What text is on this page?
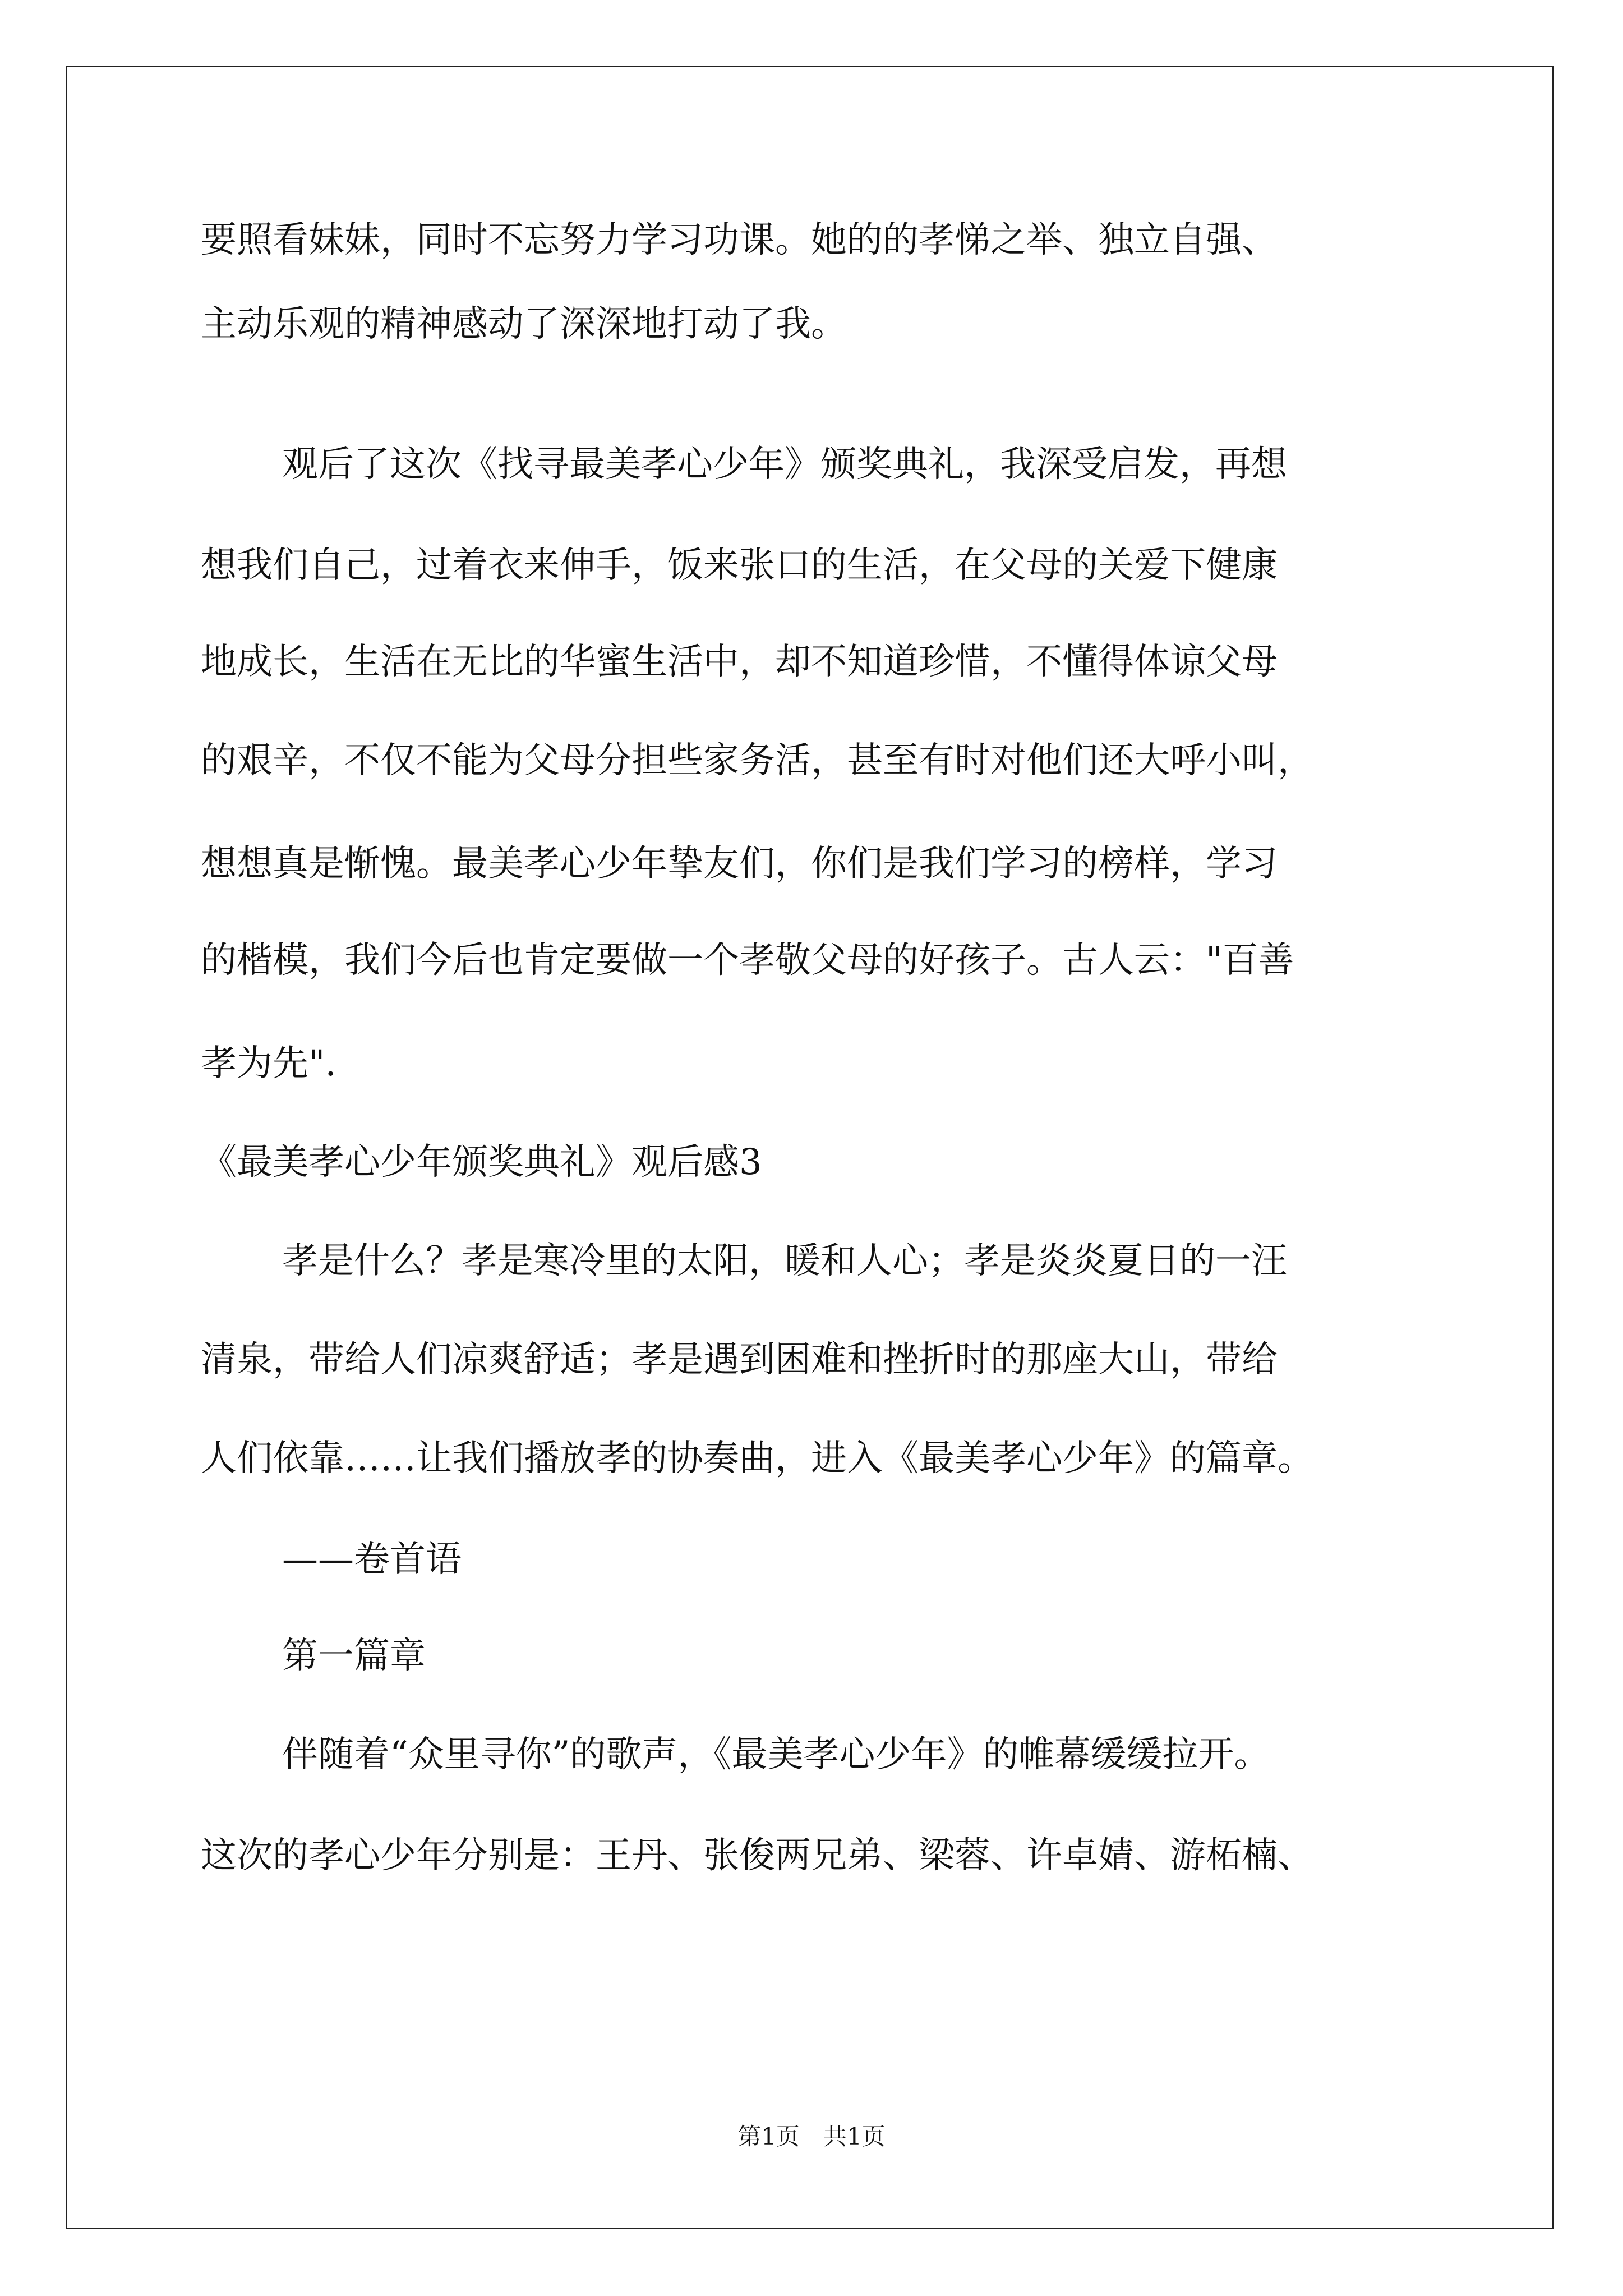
要照看妹妹，同时不忘努力学习功课。她的的孝悌之举、独立自强、
主动乐观的精神感动了深深地打动了我。
观后了这次《找寻最美孝心少年》颁奖典礼，我深受启发，再想
想我们自己，过着衣来伸手，饭来张口的生活，在父母的关爱下健康
地成长，生活在无比的华蜜生活中，却不知道珍惜，不懂得体谅父母
的艰辛，不仅不能为父母分担些家务活，甚至有时对他们还大呼小叫，
想想真是惭愧。最美孝心少年挚友们，你们是我们学习的榜样，学习
的楷模，我们今后也肯定要做一个孝敬父母的好孩子。古人云："百善
孝为先".
《最美孝心少年颁奖典礼》观后感3
孝是什么？孝是寒冷里的太阳，暖和人心；孝是炎炎夏日的一汪
清泉，带给人们凉爽舒适；孝是遇到困难和挫折时的那座大山，带给
人们依靠……让我们播放孝的协奏曲，进入《最美孝心少年》的篇章。
——卷首语
第一篇章
伴随着“众里寻你”的歌声，《最美孝心少年》的帷幕缓缓拉开。
这次的孝心少年分别是：王丹、张俊两兄弟、梁蓉、许卓婧、游柘楠、
第1页　共1页
